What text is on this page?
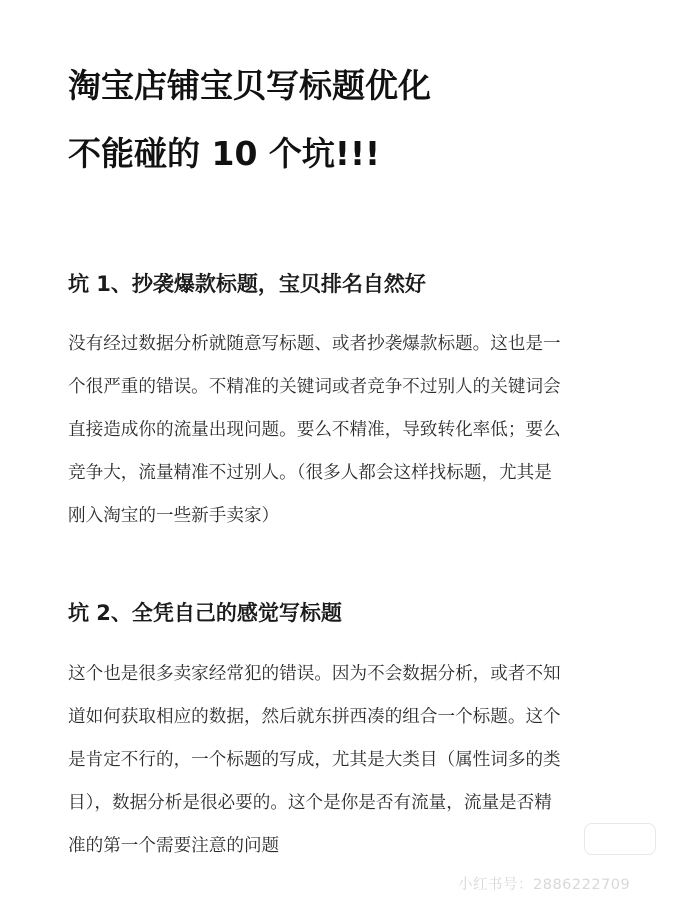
淘宝店铺宝贝写标题优化
不能碰的 10 个坑!!!
坑 1、抄袭爆款标题，宝贝排名自然好
没有经过数据分析就随意写标题、或者抄袭爆款标题。这也是一
个很严重的错误。不精准的关键词或者竞争不过别人的关键词会
直接造成你的流量出现问题。要么不精准，导致转化率低；要么
竞争大，流量精准不过别人。（很多人都会这样找标题，尤其是
刚入淘宝的一些新手卖家）
坑 2、全凭自己的感觉写标题
这个也是很多卖家经常犯的错误。因为不会数据分析，或者不知
道如何获取相应的数据，然后就东拼西凑的组合一个标题。这个
是肯定不行的，一个标题的写成，尤其是大类目（属性词多的类
目），数据分析是很必要的。这个是你是否有流量，流量是否精
准的第一个需要注意的问题
小红书号：2886222709
